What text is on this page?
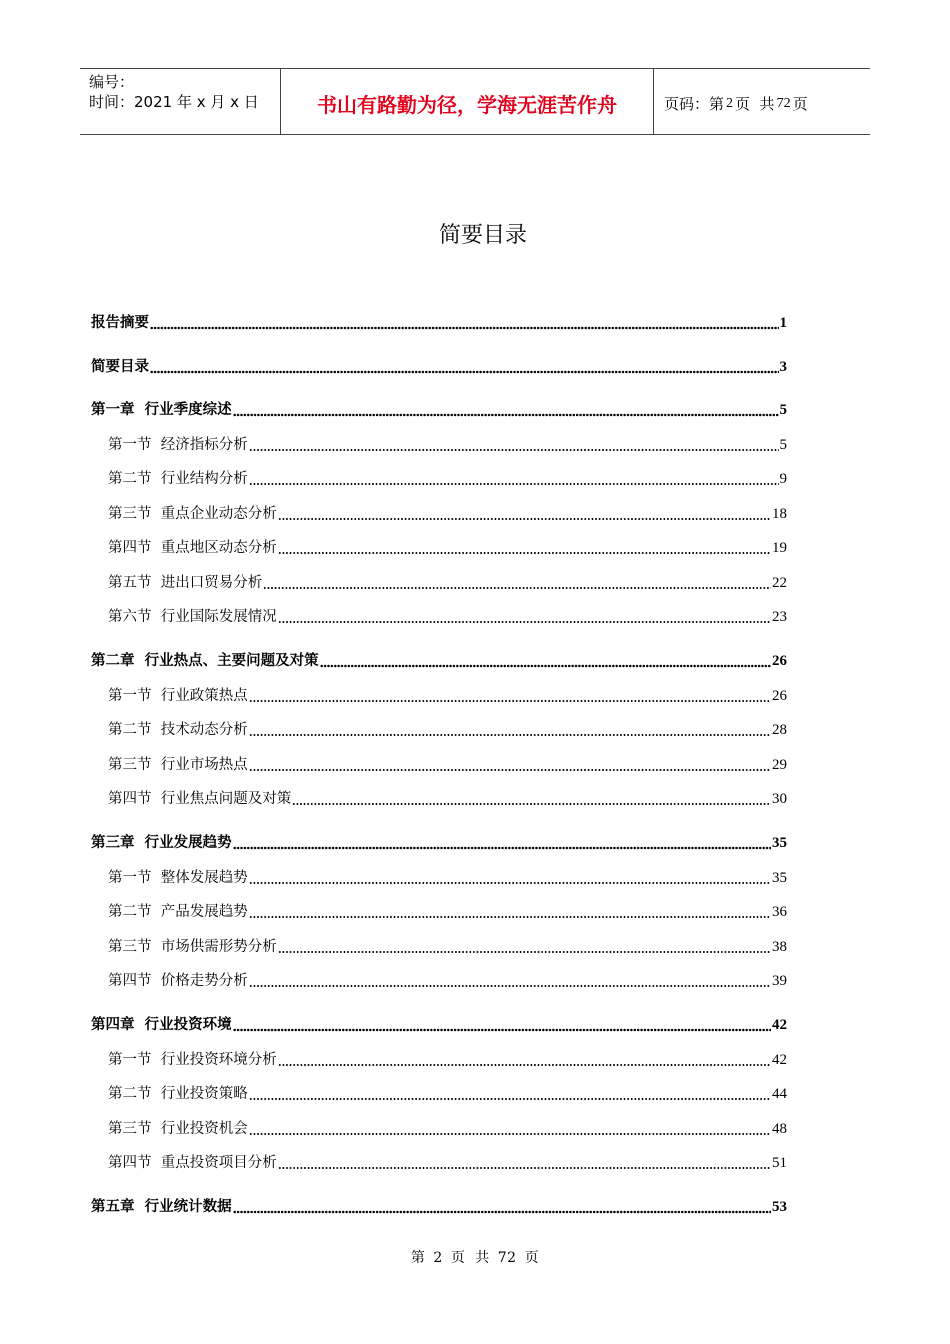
编号：
时间：2021 年 x 月 x 日	书山有路勤为径，学海无涯苦作舟	页码：第 2 页  共 72 页
简要目录
报告摘要	1
简要目录	3
第一章  行业季度综述	5
第一节  经济指标分析	5
第二节  行业结构分析	9
第三节  重点企业动态分析	18
第四节  重点地区动态分析	19
第五节  进出口贸易分析	22
第六节  行业国际发展情况	23
第二章  行业热点、主要问题及对策	26
第一节  行业政策热点	26
第二节  技术动态分析	28
第三节  行业市场热点	29
第四节  行业焦点问题及对策	30
第三章  行业发展趋势	35
第一节  整体发展趋势	35
第二节  产品发展趋势	36
第三节  市场供需形势分析	38
第四节  价格走势分析	39
第四章  行业投资环境	42
第一节  行业投资环境分析	42
第二节  行业投资策略	44
第三节  行业投资机会	48
第四节  重点投资项目分析	51
第五章  行业统计数据	53
第 2 页  共 72 页
